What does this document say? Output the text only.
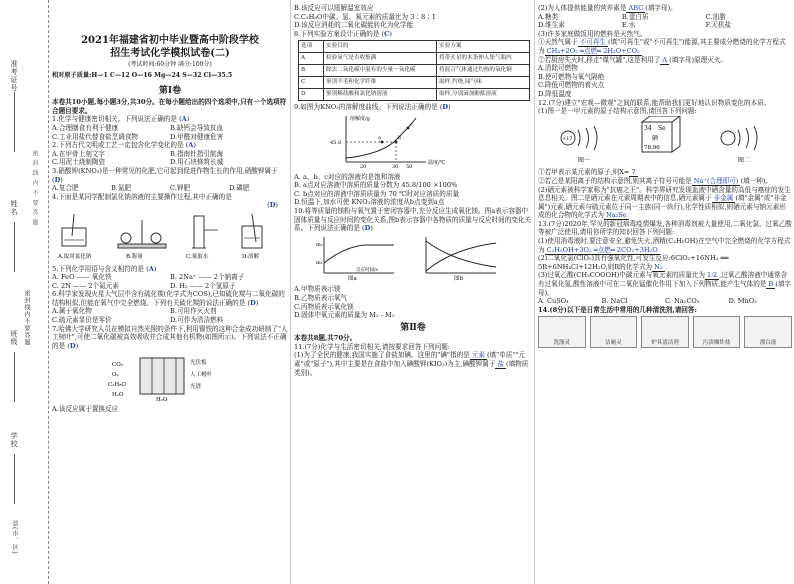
准考证号
姓名
密封线内不要答题
班级
学校
县(市、区)
密 封 线 内 不 要 答 题
2021年福建省初中毕业暨高中阶段学校
招生考试化学模拟试卷(二)
(考试时间:60分钟 满分:100分)
相对原子质量:H—1 C—12 O—16 Mg—24 S—32 Cl—35.5
第Ⅰ卷
本卷共10小题,每小题3分,共30分。在每小题给出的四个选项中,只有一个选项符合题目要求。
1.化学与健康密切相关。下列说法正确的是 (A)
A.合理膳食有利于健康	B.缺钙会导致贫血
C.工业用盐代替食盐烹调食物	D.甲醛对健康危害
2.下列古代文明或工艺一定包含化学变化的是 (A)
A.在甲骨上刻文字	B.指南针指引航海
C.用泥土烧制陶瓷	D.用石块修筑长城
3.硝酸钾(KNO₃)是一种常见的化肥,它可起到促进作物生长的作用,硝酸钾属于 (D)
A.复合肥	B.氮肥	C.钾肥	D.磷肥
4.下面是某同学配制氯化钠溶液的主要操作过程,其中正确的是
(D)
A.取用氯化钠	B.称量	C.量取水	D.溶解
5.下列化学用语与含义相符的是 (A)
A. FeO —— 氧化铁	B. 2Na⁺ —— 2个钠离子
C. 2N —— 2个氮元素	D. H₂ —— 2个氢原子
6.科学家发现火星大气层中含有硫化羰(化学式为COS),已知硫化羰与二氧化碳的结构相似,但能在氧气中完全燃烧。下列有关硫化羰的说法正确的是 (D)
A.属于氧化物	B.可用作灭火剂
C.硫元素显价是零价	D.可作为清洁燃料
7.哈佛大学研究人员在模拟自然光照的条件下,利用镍铁的这种合金成功研制了"人工树叶",可使二氧化碳被高效吸收并合成其他有机物(如图所示)。下列说法不正确的是 (D)
CO₂
O₂
C₃H₈O
H₂O
光伏板
人工树叶
光谱
H₂O
A.该反应属于置换反应
B.该反应可以缓解温室效应
C.C₃H₈O中碳、氢、氧元素的质量比为 3∶8∶1
D.该反应消耗的二氧化碳能转化为化学能
8.下列实验方案设计正确的是 (C)
选项	实验目的	实验方案
A	检验氧气是否收集满	将带火星的木条伸入集气瓶内
B	除去二氧化碳中混有的少量一氧化碳	将混合气体通过灼热的氧化铜
C	鉴别羊毛和化学纤维	取样,灼烧,闻气味
D	鉴别稀盐酸和氯化钠溶液	取样,分别滴加酚酞溶液
9.如图为KNO₃的溶解度曲线。下列说法正确的是 (D)
溶解度/g
45.8
20	30 50
温度/℃
a	b
c
A. a、b、c对应的溶液均是饱和溶液
B. a点对应溶液中溶质的质量分数为 45.8/100 ×100%
C. b点对应的溶液中溶质质量为 70 ℃时对应溶质的质量
D.恒温下,加水可使 KNO₃溶液的浓度从b点变到a点
10.将等质量的镁粉与氧气置于密闭容器中,充分反应生成氧化镁。图a表示容器中固体质量与反应时间的变化关系,图b表示容器中各物质的质量与反应时间的变化关系。下列说法正确的是 (D)
m₁
m₂
图a	图b
反应时间/s
A.甲物质表示镁
B.乙物质表示氧气
C.丙物质表示氧化镁
D.固体中氧元素的质量为 M₂ - M₁
第Ⅱ卷
本卷共8题,共70分。
11.(7分)化学与生活密切相关,请按要求回答下列问题:
(1)为了全民的健康,我国实施了食盐加碘。这里的"碘"指的是 元素 (填"单质""元素"或"原子"),其中主要是在食盐中加入碘酸钾(KIO₃)为主,碘酸钾属于 盐 (填物质类别)。
(2)为人体提供能量的营养素是 ABC (填字母)。
A.糖类	B.蛋白质	C.油脂
D.维生素	E.水	F.无机盐
(3)许多家庭做饭用的燃料是天然气。
①天然气属于 不可再生 (填"可再生"或"不可再生")能源,其主要成分燃烧的化学方程式为 CH₄+2O₂ ═点燃═ 2H₂O+CO₂
②若厨房失火时,移走"煤气罐",这是利用了 A (填字母)原理灭火。
A.清除可燃物
B.使可燃物与氧气隔绝
C.降低可燃物的着火点
D.降低温度
12.(7分)建立"宏观—微观"之间的联系,能帮助我们更好地认识物质变化的本质。
(1)图一是一甲元素的原子结构示意图,请回答下列问题:
+17
34 Se
硒
78.96
图一	图二
①若甲表示某元素的原子,则X= 7
②若乙是某阳离子的结构示意图,则其离子符号可能是 Na⁺(合理即可) (填一种)。
(2)硒元素被科学家称为"抗癌之王"。科学界研究发现血液中硒含量的高低与癌症的发生息息相关。图二是硒元素在元素周期表中的信息,硒元素属于 非金属 (填"金属"或"非金属")元素,硒元素与硫元素位于同一主族(同一纵行),化学性质相似,则硒元素与钠元素形成的化合物的化学式为 Na₂Se
13.(7分)2020年,罕见的新冠病毒疫情爆发,各种消毒剂被大量使用,二氧化氯、过氧乙酸等被广泛使用,请用你所学的知识回答下列问题:
(1)使用消毒液时,要注意安全,避免失火,酒精(C₂H₅OH)在空气中完全燃烧的化学方程式为 C₂H₅OH+3O₂ ═点燃═ 2CO₂+3H₂O
(2)二氧化氯(ClO₂)具有强氧化性,可发生反应:6ClO₂+16NH₃ ══ 5R+6NH₄Cl+12H₂O,则R的化学式为 N₂
(3)过氧乙酸(CH₃COOOH)中碳元素与氧元素的质量比为 1∶2 ,过氧乙酸溶液中通常含有过氧化氢,酸性溶液中可在二氧化锰催化作用下加入下列物质,能产生气体的是 B (填字母)。
A. CuSO₄	B. NaCl	C. Na₂CO₃	D. MnO₂
14.(8分)以下是日常生活中常用的几种清洗剂,请回答:
洗涤灵	洁厕灵	炉具清洁剂	污渍爆炸盐	漂白液
